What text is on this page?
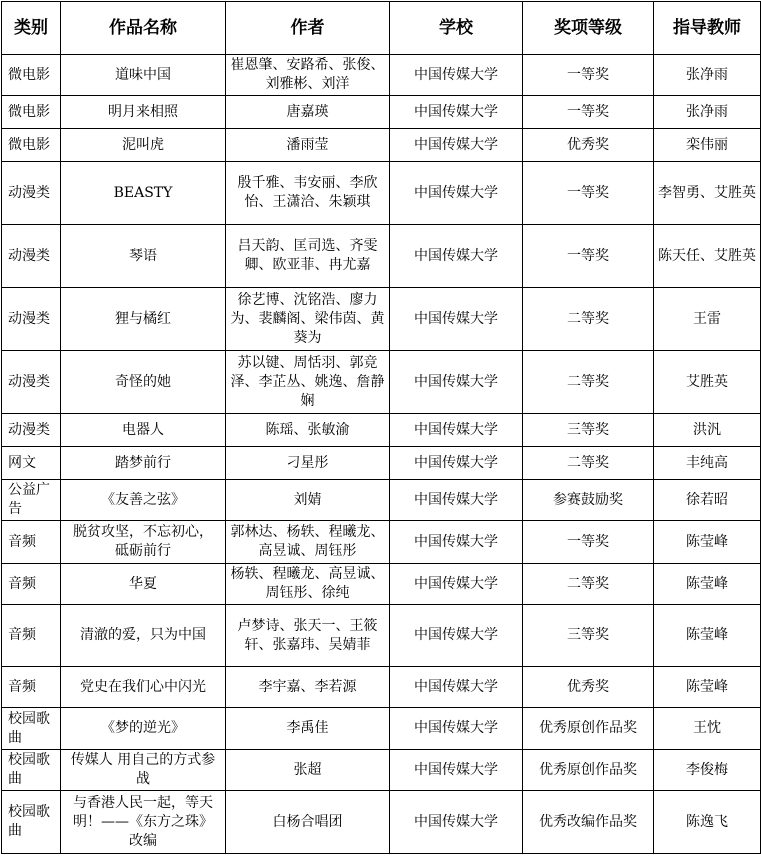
类别	作品名称	作者	学校	奖项等级	指导教师
微电影	道味中国	崔恩肇、安路希、张俊、刘雅彬、刘洋	中国传媒大学	一等奖	张净雨
微电影	明月来相照	唐嘉瑛	中国传媒大学	一等奖	张净雨
微电影	泥叫虎	潘雨莹	中国传媒大学	优秀奖	栾伟丽
动漫类	BEASTY	殷千雅、韦安丽、李欣怡、王潇洽、朱颖琪	中国传媒大学	一等奖	李智勇、艾胜英
动漫类	琴语	吕天韵、匡司选、齐雯卿、欧亚菲、冉尤嘉	中国传媒大学	一等奖	陈天任、艾胜英
动漫类	狸与橘红	徐艺博、沈铭浩、廖力为、裴麟阁、梁伟茵、黄葵为	中国传媒大学	二等奖	王雷
动漫类	奇怪的她	苏以键、周恬羽、郭竞泽、李芷丛、姚逸、詹静娴	中国传媒大学	二等奖	艾胜英
动漫类	电器人	陈瑶、张敏渝	中国传媒大学	三等奖	洪汎
网文	踏梦前行	刁星彤	中国传媒大学	二等奖	丰纯高
公益广告	《友善之弦》	刘婧	中国传媒大学	参赛鼓励奖	徐若昭
音频	脱贫攻坚，不忘初心，砥砺前行	郭林达、杨轶、程曦龙、高昱诚、周钰彤	中国传媒大学	一等奖	陈莹峰
音频	华夏	杨轶、程曦龙、高昱诚、周钰彤、徐纯	中国传媒大学	二等奖	陈莹峰
音频	清澈的爱，只为中国	卢梦诗、张天一、王筱轩、张嘉玮、吴婧菲	中国传媒大学	三等奖	陈莹峰
音频	党史在我们心中闪光	李宇嘉、李若源	中国传媒大学	优秀奖	陈莹峰
校园歌曲	《梦的逆光》	李禹佳	中国传媒大学	优秀原创作品奖	王忱
校园歌曲	传媒人 用自己的方式参战	张超	中国传媒大学	优秀原创作品奖	李俊梅
校园歌曲	与香港人民一起，等天明！——《东方之珠》改编	白杨合唱团	中国传媒大学	优秀改编作品奖	陈逸飞
